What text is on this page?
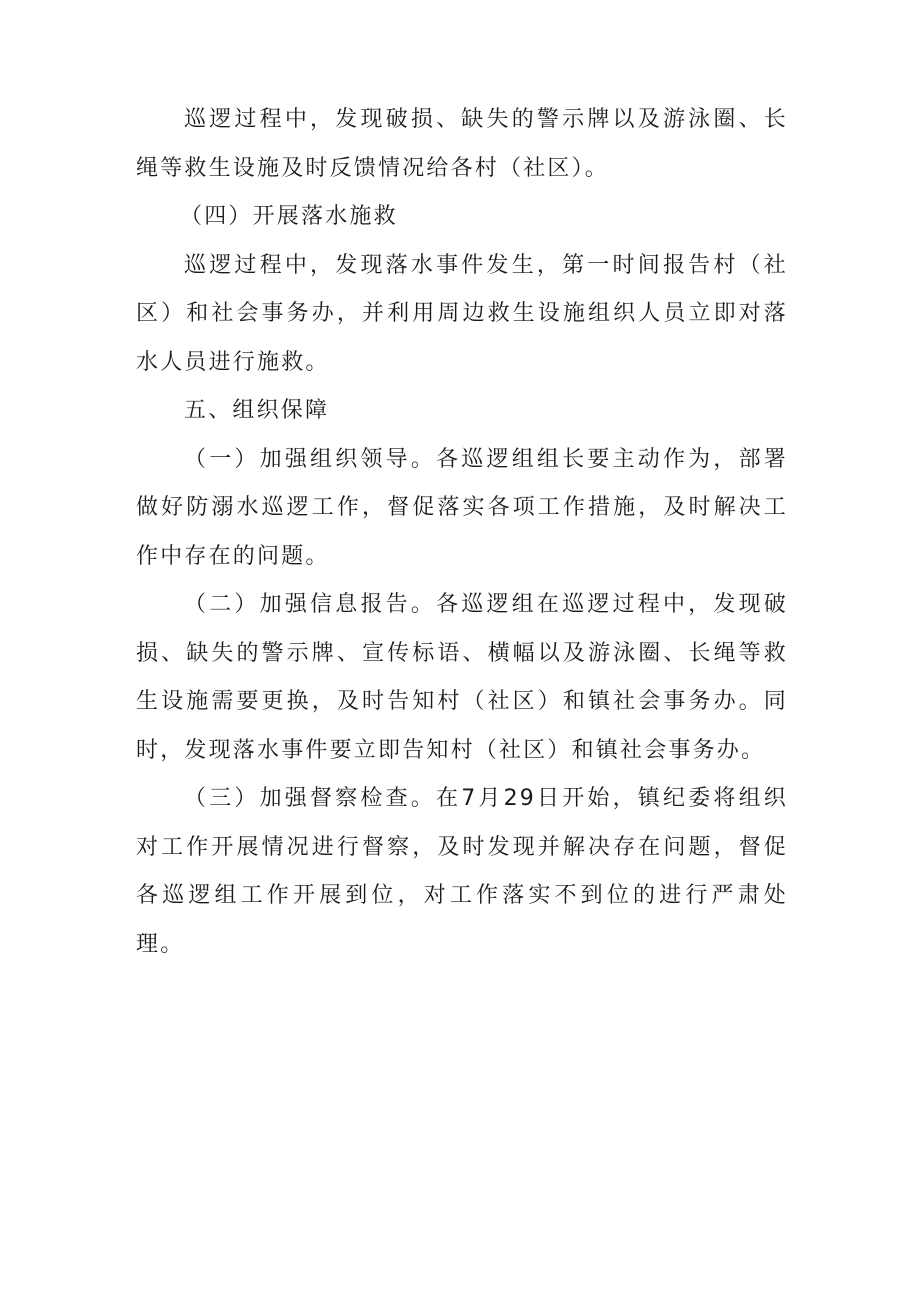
巡逻过程中，发现破损、缺失的警示牌以及游泳圈、长绳等救生设施及时反馈情况给各村（社区）。

（四）开展落水施救

巡逻过程中，发现落水事件发生，第一时间报告村（社区）和社会事务办，并利用周边救生设施组织人员立即对落水人员进行施救。

五、组织保障

（一）加强组织领导。各巡逻组组长要主动作为，部署做好防溺水巡逻工作，督促落实各项工作措施，及时解决工作中存在的问题。

（二）加强信息报告。各巡逻组在巡逻过程中，发现破损、缺失的警示牌、宣传标语、横幅以及游泳圈、长绳等救生设施需要更换，及时告知村（社区）和镇社会事务办。同时，发现落水事件要立即告知村（社区）和镇社会事务办。

（三）加强督察检查。在7月29日开始，镇纪委将组织对工作开展情况进行督察，及时发现并解决存在问题，督促各巡逻组工作开展到位，对工作落实不到位的进行严肃处理。
